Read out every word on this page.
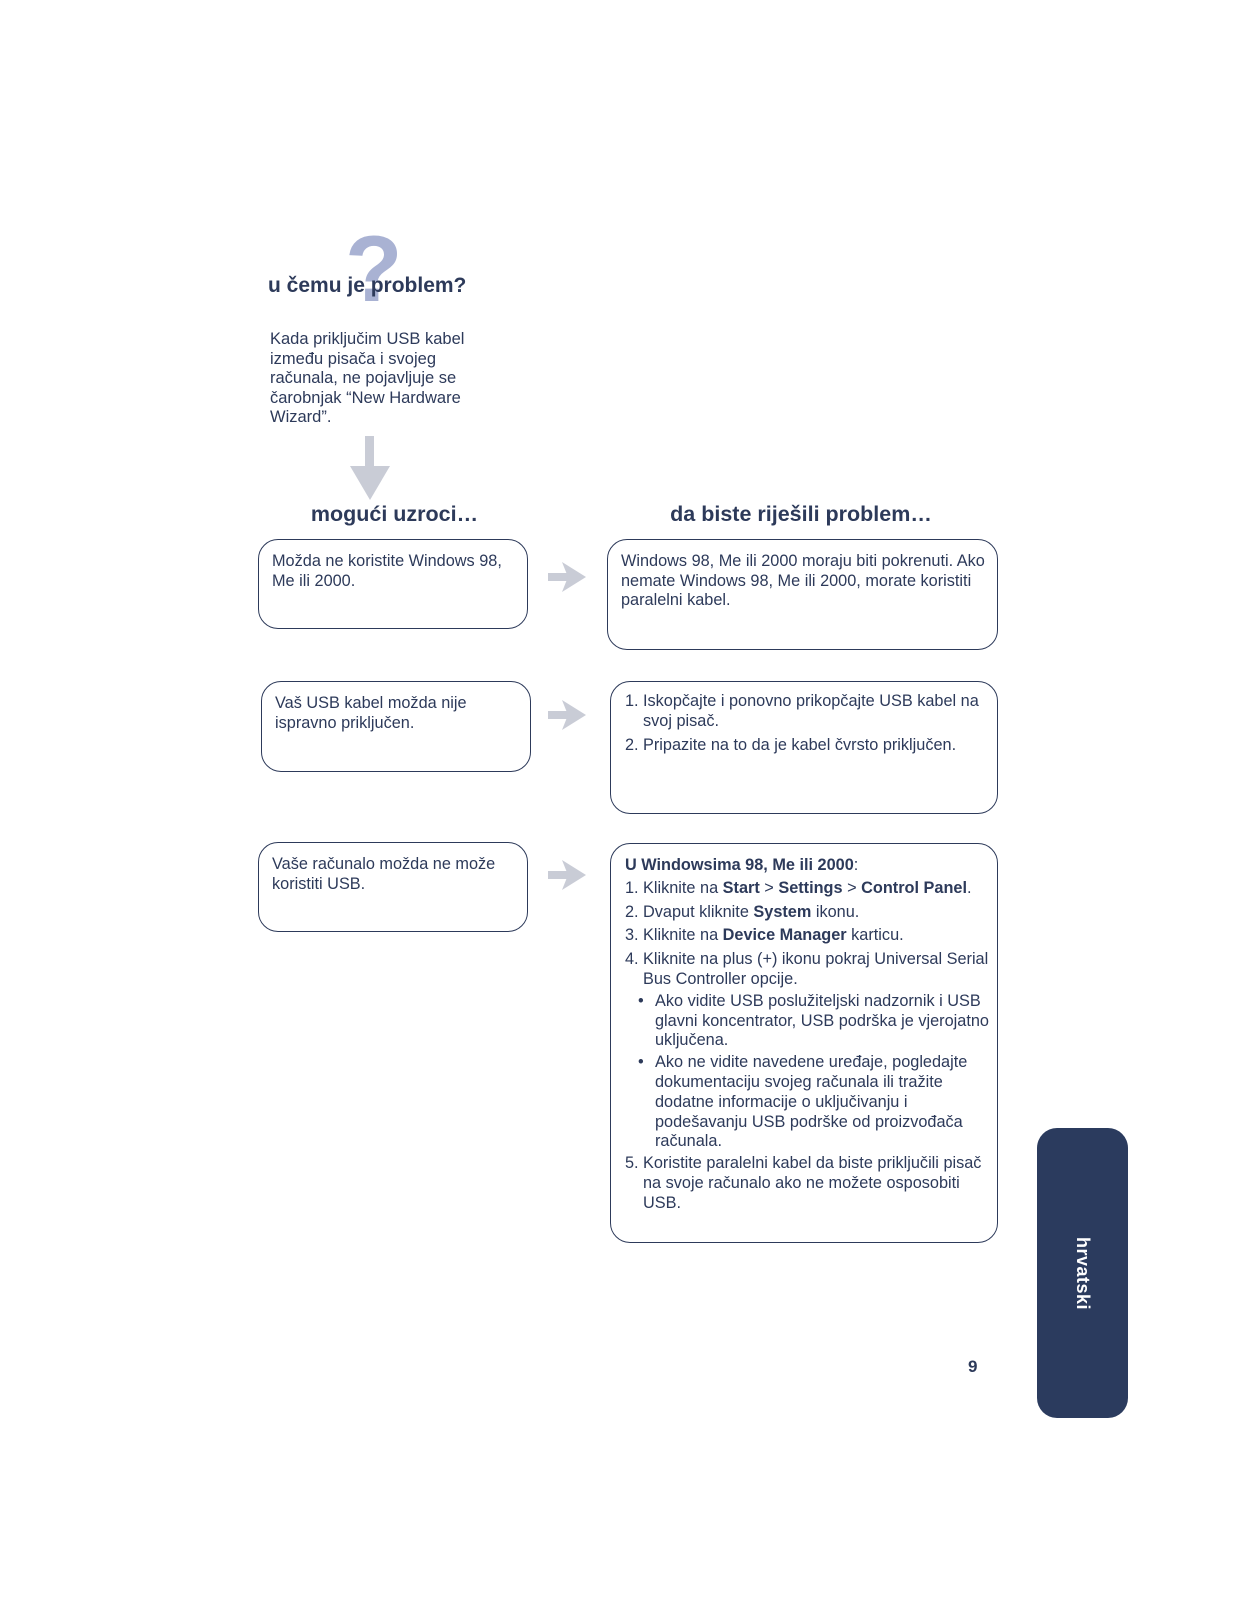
?
u čemu je problem?
Kada priključim USB kabel između pisača i svojeg računala, ne pojavljuje se čarobnjak “New Hardware Wizard”.
mogući uzroci…	da biste riješili problem…
Možda ne koristite Windows 98, Me ili 2000.
Windows 98, Me ili 2000 moraju biti pokrenuti. Ako nemate Windows 98, Me ili 2000, morate koristiti paralelni kabel.
Vaš USB kabel možda nije ispravno priključen.
1. Iskopčajte i ponovno prikopčajte USB kabel na svoj pisač.
2. Pripazite na to da je kabel čvrsto priključen.
Vaše računalo možda ne može koristiti USB.
U Windowsima 98, Me ili 2000:
1. Kliknite na Start > Settings > Control Panel.
2. Dvaput kliknite System ikonu.
3. Kliknite na Device Manager karticu.
4. Kliknite na plus (+) ikonu pokraj Universal Serial Bus Controller opcije.
• Ako vidite USB poslužiteljski nadzornik i USB glavni koncentrator, USB podrška je vjerojatno uključena.
• Ako ne vidite navedene uređaje, pogledajte dokumentaciju svojeg računala ili tražite dodatne informacije o uključivanju i podešavanju USB podrške od proizvođača računala.
5. Koristite paralelni kabel da biste priključili pisač na svoje računalo ako ne možete osposobiti USB.
hrvatski
9
